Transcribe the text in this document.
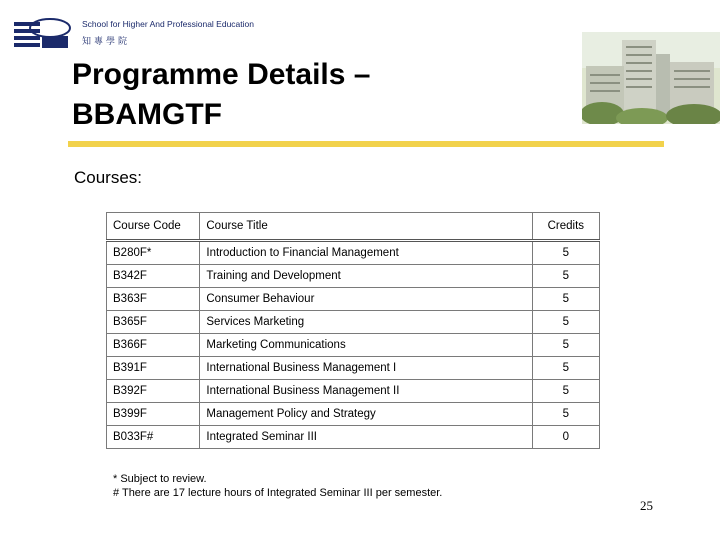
School for Higher And Professional Education
知專學院
Programme Details –
BBAMGTF
Courses:
Course Code	Course Title	Credits
B280F*	Introduction to Financial Management	5
B342F	Training and Development	5
B363F	Consumer Behaviour	5
B365F	Services Marketing	5
B366F	Marketing Communications	5
B391F	International Business Management I	5
B392F	International Business Management II	5
B399F	Management Policy and Strategy	5
B033F#	Integrated Seminar III	0
* Subject to review.
# There are 17 lecture hours of Integrated Seminar III per semester.
25
